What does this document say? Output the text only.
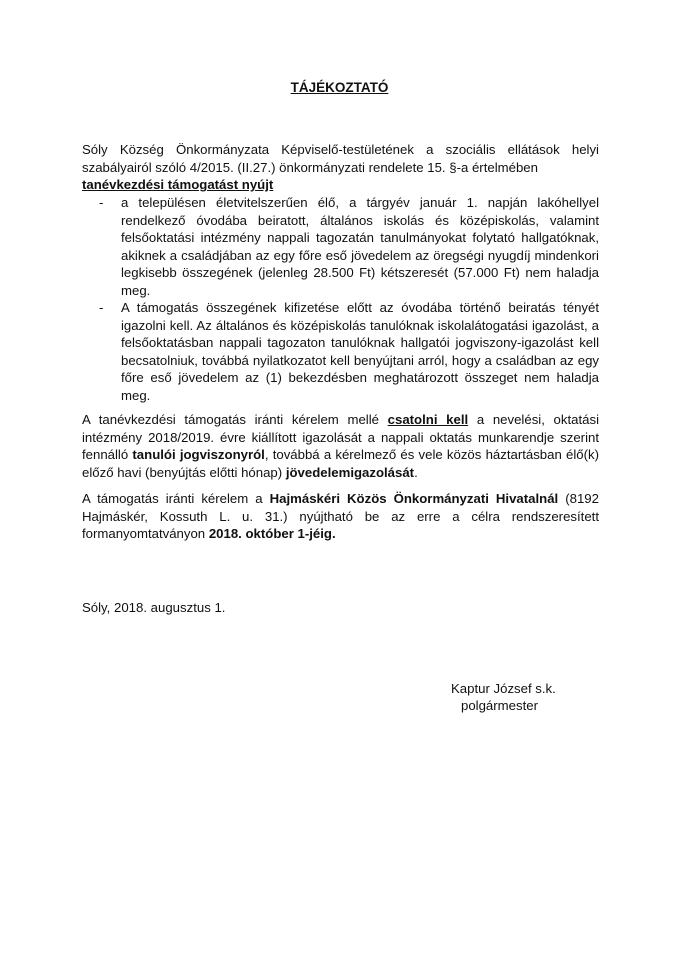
TÁJÉKOZTATÓ
Sóly Község Önkormányzata Képviselő-testületének a szociális ellátások helyi szabályairól szóló 4/2015. (II.27.) önkormányzati rendelete 15. §-a értelmében
tanévkezdési támogatást nyújt
- a településen életvitelszerűen élő, a tárgyév január 1. napján lakóhellyel rendelkező óvodába beiratott, általános iskolás és középiskolás, valamint felsőoktatási intézmény nappali tagozatán tanulmányokat folytató hallgatóknak, akiknek a családjában az egy főre eső jövedelem az öregségi nyugdíj mindenkori legkisebb összegének (jelenleg 28.500 Ft) kétszeresét (57.000 Ft) nem haladja meg.

- A támogatás összegének kifizetése előtt az óvodába történő beiratás tényét igazolni kell. Az általános és középiskolás tanulóknak iskolalátogatási igazolást, a felsőoktatásban nappali tagozaton tanulóknak hallgatói jogviszony-igazolást kell becsatolniuk, továbbá nyilatkozatot kell benyújtani arról, hogy a családban az egy főre eső jövedelem az (1) bekezdésben meghatározott összeget nem haladja meg.

A tanévkezdési támogatás iránti kérelem mellé csatolni kell a nevelési, oktatási intézmény 2018/2019. évre kiállított igazolását a nappali oktatás munkarendje szerint fennálló tanulói jogviszonyról, továbbá a kérelmező és vele közös háztartásban élő(k) előző havi (benyújtás előtti hónap) jövedelemigazolását.

A támogatás iránti kérelem a Hajmáskéri Közös Önkormányzati Hivatalnál (8192 Hajmáskér, Kossuth L. u. 31.) nyújtható be az erre a célra rendszeresített formanyomtatványon 2018. október 1-jéig.

Sóly, 2018. augusztus 1.
Kaptur József s.k.
polgármester
